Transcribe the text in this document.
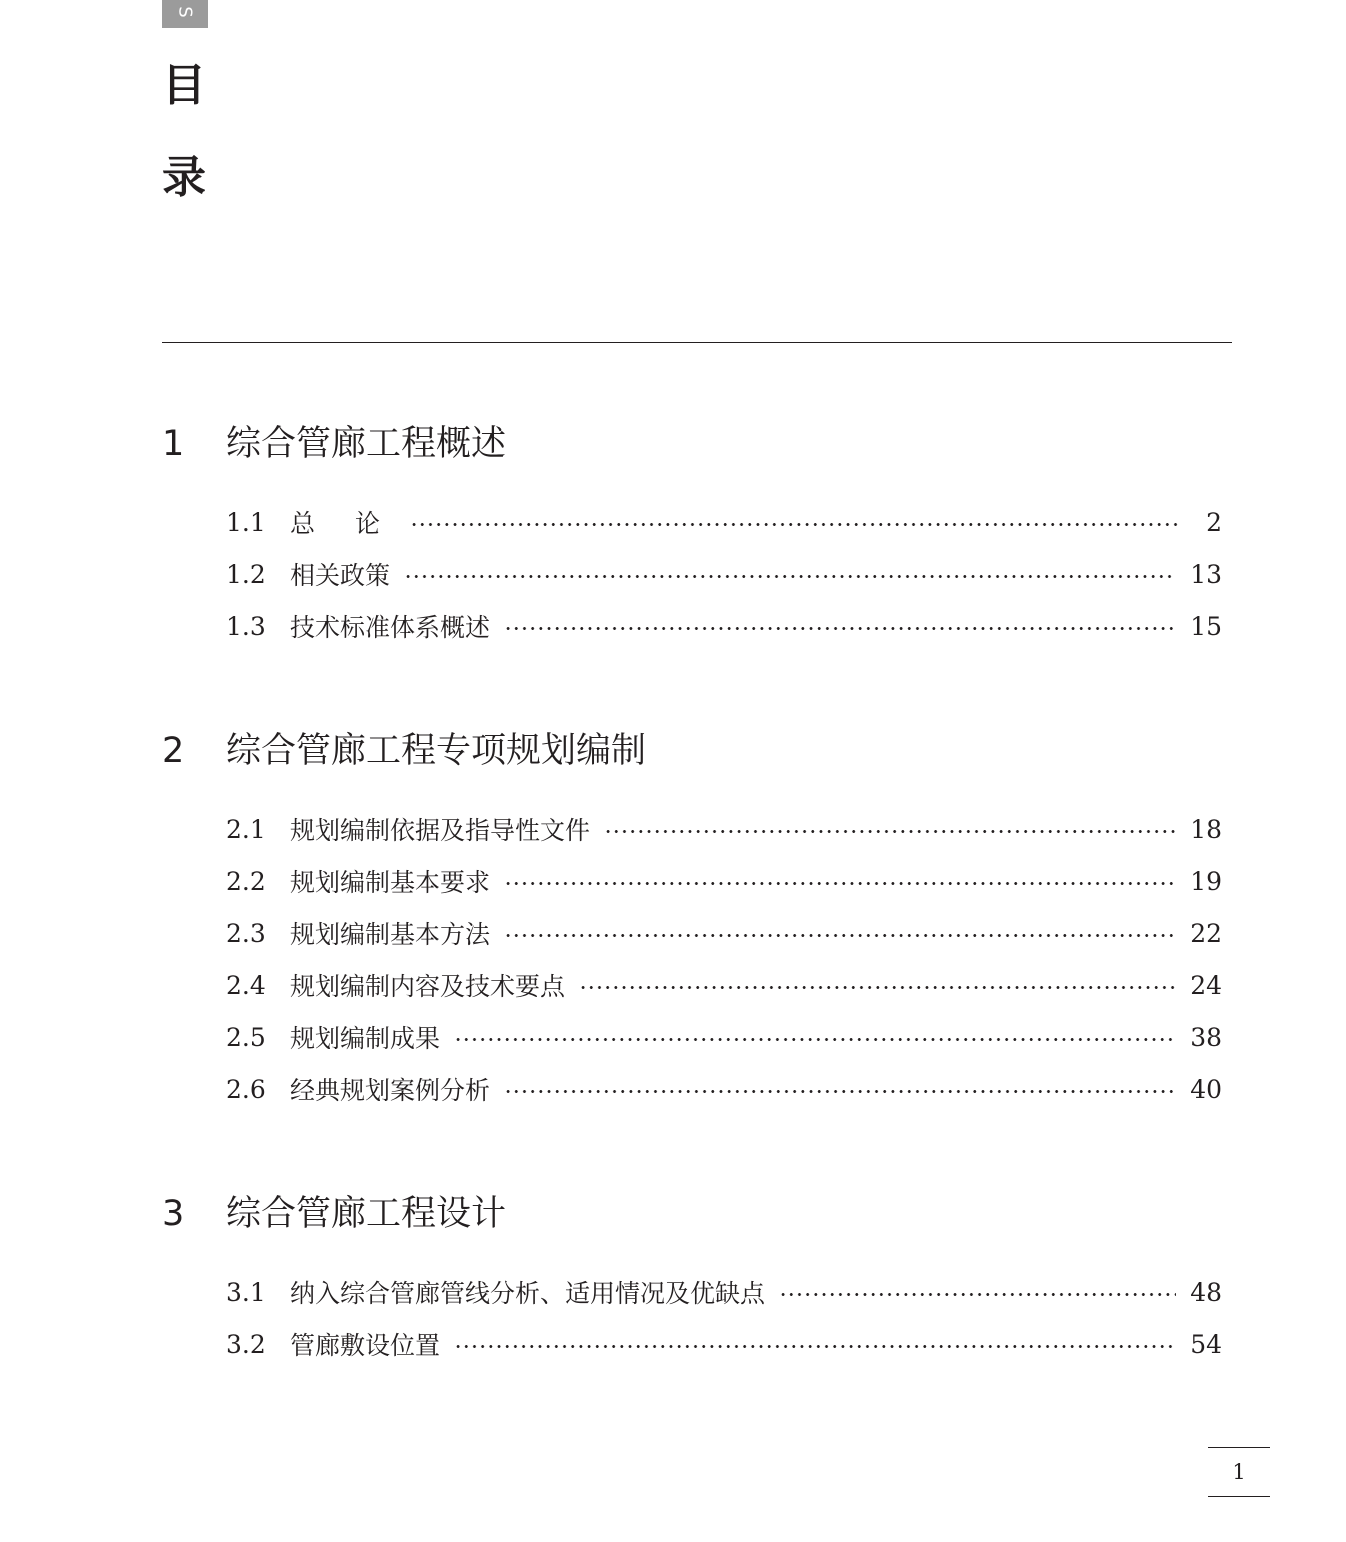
S
目
录
1 综合管廊工程概述
1.1 总 论	2
1.2 相关政策	13
1.3 技术标准体系概述	15
2 综合管廊工程专项规划编制
2.1 规划编制依据及指导性文件	18
2.2 规划编制基本要求	19
2.3 规划编制基本方法	22
2.4 规划编制内容及技术要点	24
2.5 规划编制成果	38
2.6 经典规划案例分析	40
3 综合管廊工程设计
3.1 纳入综合管廊管线分析、适用情况及优缺点	48
3.2 管廊敷设位置	54
1
